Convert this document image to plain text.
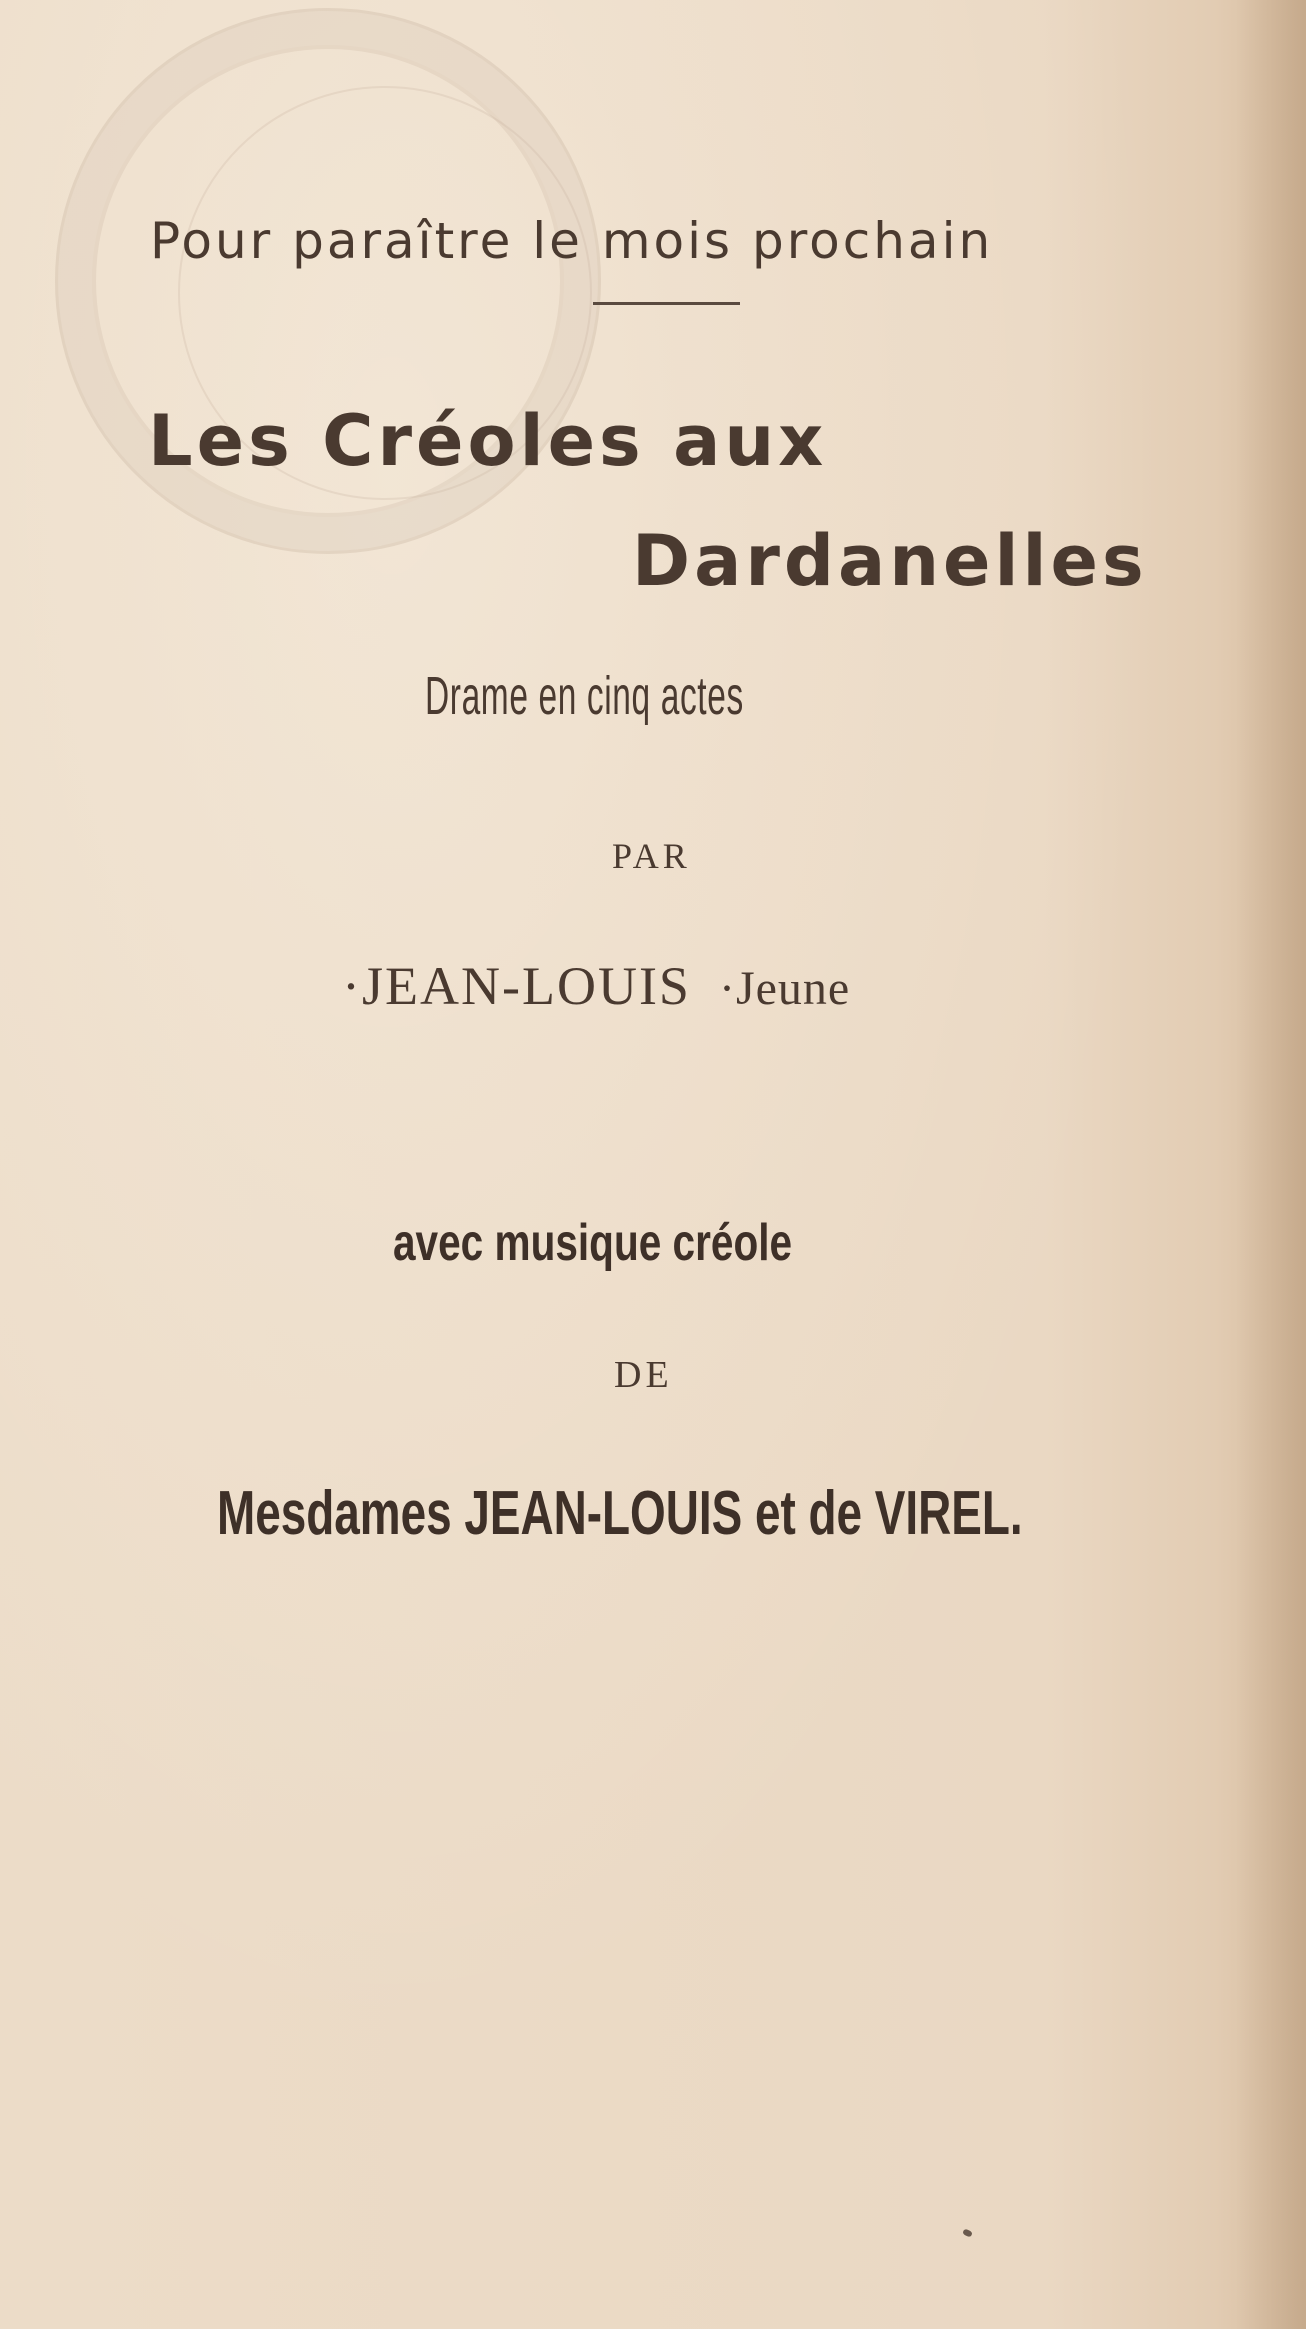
Pour paraître le mois prochain
Les Créoles aux
Dardanelles
Drame en cinq actes
PAR
·JEAN-LOUIS ·Jeune
avec musique créole
DE
Mesdames JEAN-LOUIS et de VIREL.
